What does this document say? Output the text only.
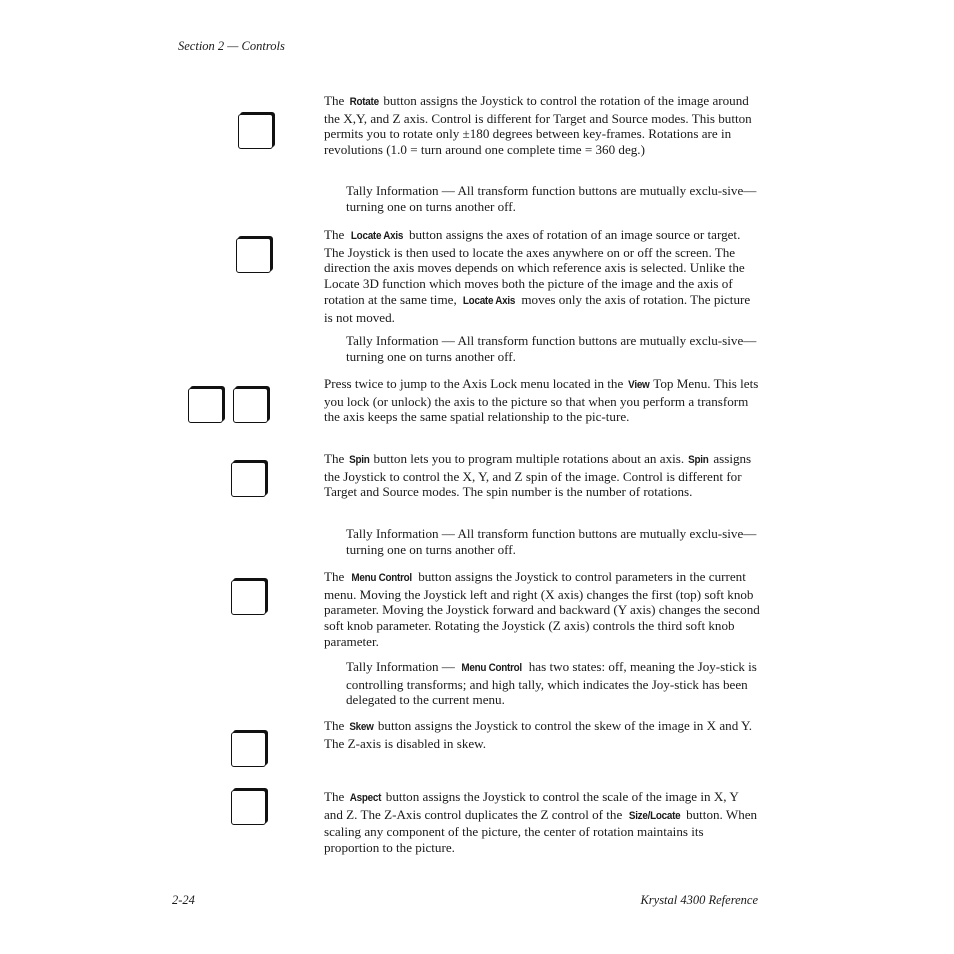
Section 2 — Controls
The Rotate button assigns the Joystick to control the rotation of the image around the X,Y, and Z axis. Control is different for Target and Source modes. This button permits you to rotate only ±180 degrees between key-frames. Rotations are in revolutions (1.0 = turn around one complete time = 360 deg.)
Tally Information — All transform function buttons are mutually exclu-sive—turning one on turns another off.
The Locate Axis button assigns the axes of rotation of an image source or target. The Joystick is then used to locate the axes anywhere on or off the screen. The direction the axis moves depends on which reference axis is selected. Unlike the Locate 3D function which moves both the picture of the image and the axis of rotation at the same time, Locate Axis moves only the axis of rotation. The picture is not moved.
Tally Information — All transform function buttons are mutually exclu-sive—turning one on turns another off.
Press twice to jump to the Axis Lock menu located in the View Top Menu. This lets you lock (or unlock) the axis to the picture so that when you perform a transform the axis keeps the same spatial relationship to the pic-ture.
The Spin button lets you to program multiple rotations about an axis. Spin assigns the Joystick to control the X, Y, and Z spin of the image. Control is different for Target and Source modes. The spin number is the number of rotations.
Tally Information — All transform function buttons are mutually exclu-sive—turning one on turns another off.
The Menu Control button assigns the Joystick to control parameters in the current menu. Moving the Joystick left and right (X axis) changes the first (top) soft knob parameter. Moving the Joystick forward and backward (Y axis) changes the second soft knob parameter. Rotating the Joystick (Z axis) controls the third soft knob parameter.
Tally Information — Menu Control has two states: off, meaning the Joy-stick is controlling transforms; and high tally, which indicates the Joy-stick has been delegated to the current menu.
The Skew button assigns the Joystick to control the skew of the image in X and Y. The Z-axis is disabled in skew.
The Aspect button assigns the Joystick to control the scale of the image in X, Y and Z. The Z-Axis control duplicates the Z control of the Size/Locate button. When scaling any component of the picture, the center of rotation maintains its proportion to the picture.
2-24	Krystal 4300 Reference
